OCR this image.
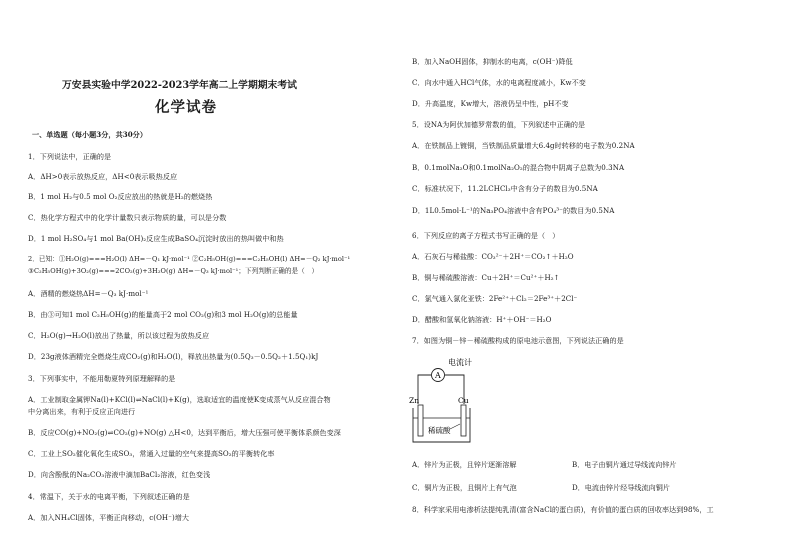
万安县实验中学2022-2023学年高二上学期期末考试
化学试卷
一、单选题（每小题3分，共30分）
1．下列说法中，正确的是
A．ΔH>0表示放热反应，ΔH<0表示吸热反应
B．1 mol H₂与0.5 mol O₂反应放出的热就是H₂的燃烧热
C．热化学方程式中的化学计量数只表示物质的量，可以是分数
D．1 mol H₂SO₄与1 mol Ba(OH)₂反应生成BaSO₄沉淀时放出的热叫做中和热
2．已知：①H₂O(g)===H₂O(l) ΔH=－Q₁ kJ·mol⁻¹ ②C₂H₅OH(g)===C₂H₅OH(l) ΔH=－Q₂ kJ·mol⁻¹
③C₂H₅OH(g)+3O₂(g)===2CO₂(g)+3H₂O(g) ΔH=－Q₃ kJ·mol⁻¹；下列判断正确的是（　）
A．酒精的燃烧热ΔH=－Q₃ kJ·mol⁻¹
B．由③可知1 mol C₂H₅OH(g)的能量高于2 mol CO₂(g)和3 mol H₂O(g)的总能量
C．H₂O(g)→H₂O(l)放出了热量，所以该过程为放热反应
D．23g液体酒精完全燃烧生成CO₂(g)和H₂O(l)，释放出热量为(0.5Q₃－0.5Q₂＋1.5Q₁)kJ
3．下列事实中，不能用勒夏特列原理解释的是
A．工业制取金属钾Na(l)+KCl(l)⇌NaCl(l)+K(g)，选取适宜的温度使K变成蒸气从反应混合物
中分离出来，有利于反应正向进行
B．反应CO(g)+NO₂(g)⇌CO₂(g)+NO(g) △H<0，达到平衡后，增大压强可使平衡体系颜色变深
C．工业上SO₂催化氧化生成SO₃，常通入过量的空气来提高SO₂的平衡转化率
D．向含酚酞的Na₂CO₃溶液中滴加BaCl₂溶液，红色变浅
4．常温下，关于水的电离平衡，下列叙述正确的是
A．加入NH₄Cl固体，平衡正向移动，c(OH⁻)增大
B．加入NaOH固体，抑制水的电离，c(OH⁻)降低
C．向水中通入HCl气体，水的电离程度减小，Kw不变
D．升高温度，Kw增大，溶液仍呈中性，pH不变
5．设NA为阿伏加德罗常数的值，下列叙述中正确的是
A．在铁制品上镀铜，当铁制品质量增大6.4g时转移的电子数为0.2NA
B．0.1molNa₂O和0.1molNa₂O₂的混合物中阴离子总数为0.3NA
C．标准状况下，11.2LCHCl₃中含有分子的数目为0.5NA
D．1L0.5mol·L⁻¹的Na₃PO₄溶液中含有PO₄³⁻的数目为0.5NA
6．下列反应的离子方程式书写正确的是（　）
A．石灰石与稀盐酸：CO₃²⁻＋2H⁺＝CO₂↑＋H₂O
B．铜与稀硫酸溶液：Cu＋2H⁺＝Cu²⁺＋H₂↑
C．氯气通入氯化亚铁：2Fe²⁺＋Cl₂＝2Fe³⁺＋2Cl⁻
D．醋酸和氢氧化钠溶液：H⁺＋OH⁻＝H₂O
7．如图为铜－锌－稀硫酸构成的原电池示意图，下列说法正确的是
电流计
A
Zn	Cu
稀硫酸
A．锌片为正极，且锌片逐渐溶解	B．电子由铜片通过导线流向锌片
C．铜片为正极，且铜片上有气泡	D．电流由锌片经导线流向铜片
8．科学家采用电渗析法提纯乳清(富含NaCl的蛋白质)，有价值的蛋白质的回收率达到98%，工
